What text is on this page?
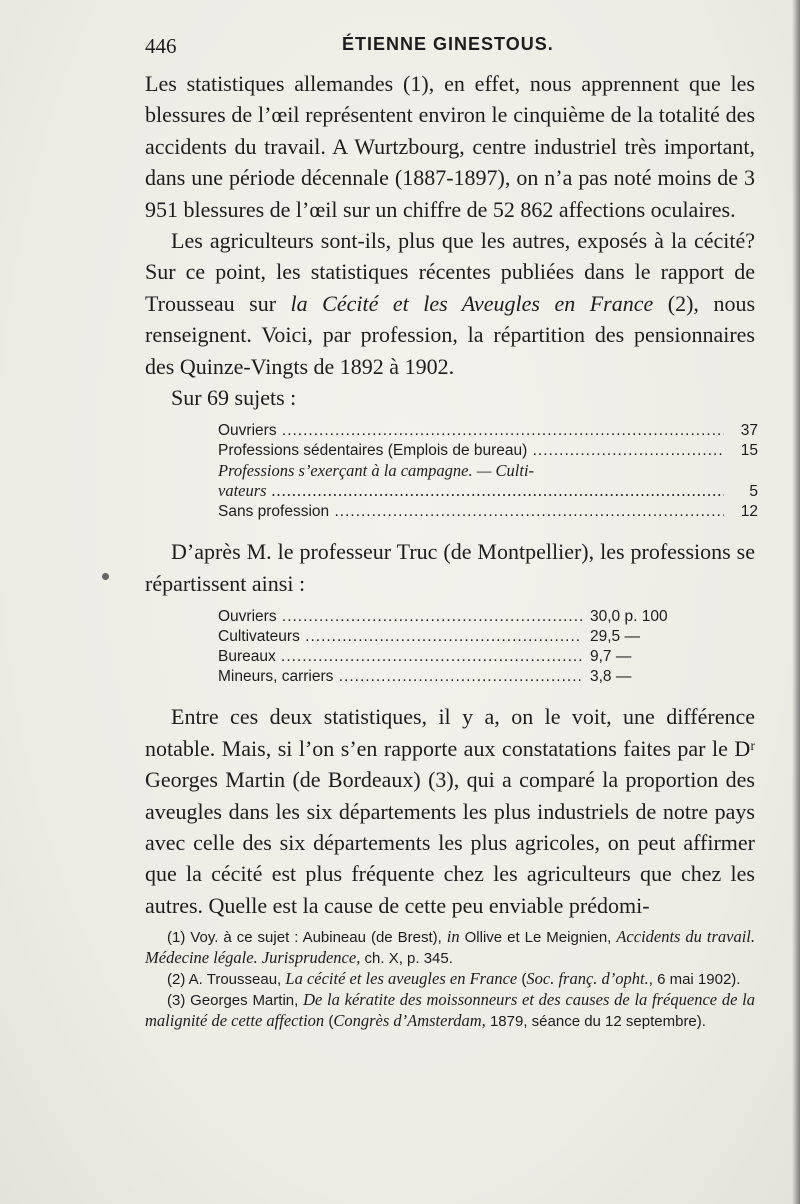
446	ÉTIENNE GINESTOUS.

Les statistiques allemandes (1), en effet, nous apprennent que les blessures de l’œil représentent environ le cinquième de la totalité des accidents du travail. A Wurtzbourg, centre industriel très important, dans une période décennale (1887-1897), on n’a pas noté moins de 3 951 blessures de l’œil sur un chiffre de 52 862 affections oculaires.

Les agriculteurs sont-ils, plus que les autres, exposés à la cécité? Sur ce point, les statistiques récentes publiées dans le rapport de Trousseau sur la Cécité et les Aveugles en France (2), nous renseignent. Voici, par profession, la répartition des pensionnaires des Quinze-Vingts de 1892 à 1902.

Sur 69 sujets :

Ouvriers .....	37
Professions sédentaires (Emplois de bureau) .....	15
Professions s’exerçant à la campagne. — Culti-
vateurs .....	5
Sans profession .....	12

D’après M. le professeur Truc (de Montpellier), les professions se répartissent ainsi :

Ouvriers .....	30,0 p. 100
Cultivateurs .....	29,5 —
Bureaux .....	9,7 —
Mineurs, carriers .....	3,8 —

Entre ces deux statistiques, il y a, on le voit, une différence notable. Mais, si l’on s’en rapporte aux constatations faites par le Dʳ Georges Martin (de Bordeaux) (3), qui a comparé la proportion des aveugles dans les six départements les plus industriels de notre pays avec celle des six départements les plus agricoles, on peut affirmer que la cécité est plus fréquente chez les agriculteurs que chez les autres. Quelle est la cause de cette peu enviable prédomi-

(1) Voy. à ce sujet : Aubineau (de Brest), in Ollive et Le Meignien, Accidents du travail. Médecine légale. Jurisprudence, ch. X, p. 345.

(2) A. Trousseau, La cécité et les aveugles en France (Soc. franç. d’opht., 6 mai 1902).

(3) Georges Martin, De la kératite des moissonneurs et des causes de la fréquence de la malignité de cette affection (Congrès d’Amsterdam, 1879, séance du 12 septembre).
